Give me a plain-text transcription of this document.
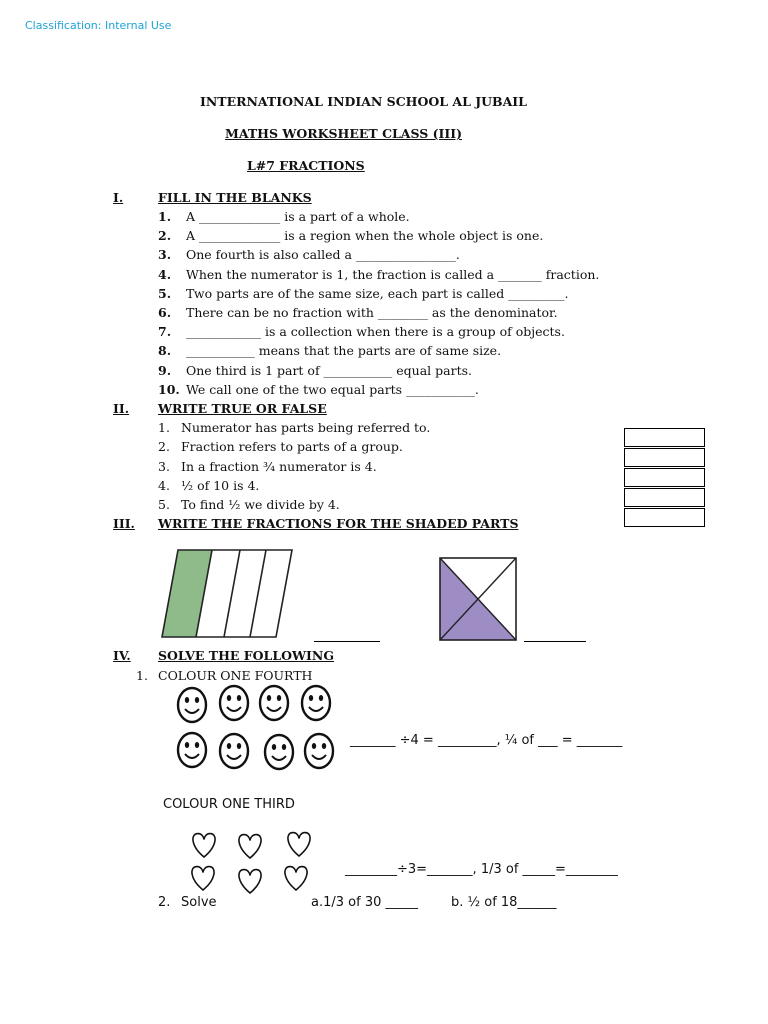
Classification: Internal Use
INTERNATIONAL INDIAN SCHOOL AL JUBAIL
MATHS WORKSHEET CLASS (III)
L#7 FRACTIONS
I.	FILL IN THE BLANKS
1.	A _____________ is a part of a whole.
2.	A _____________ is a region when the whole object is one.
3.	One fourth is also called a ________________.
4.	When the numerator is 1, the fraction is called a _______ fraction.
5.	Two parts are of the same size, each part is called _________.
6.	There can be no fraction with ________ as the denominator.
7.	____________ is a collection when there is a group of objects.
8.	___________ means that the parts are of same size.
9.	One third is 1 part of ___________ equal parts.
10. We call one of the two equal parts ___________.
II. WRITE TRUE OR FALSE
1. Numerator has parts being referred to.
2. Fraction refers to parts of a group.
3. In a fraction ¾ numerator is 4.
4. ½ of 10 is 4.
5. To find ½ we divide by 4.
III. WRITE THE FRACTIONS FOR THE SHADED PARTS
IV. SOLVE THE FOLLOWING
1. COLOUR ONE FOURTH
_______ ÷4 = _________, ¼ of ___ = _______
COLOUR ONE THIRD
________÷3=_______, 1/3 of _____=________
2. Solve	a.1/3 of 30 _____	b. ½ of 18______
